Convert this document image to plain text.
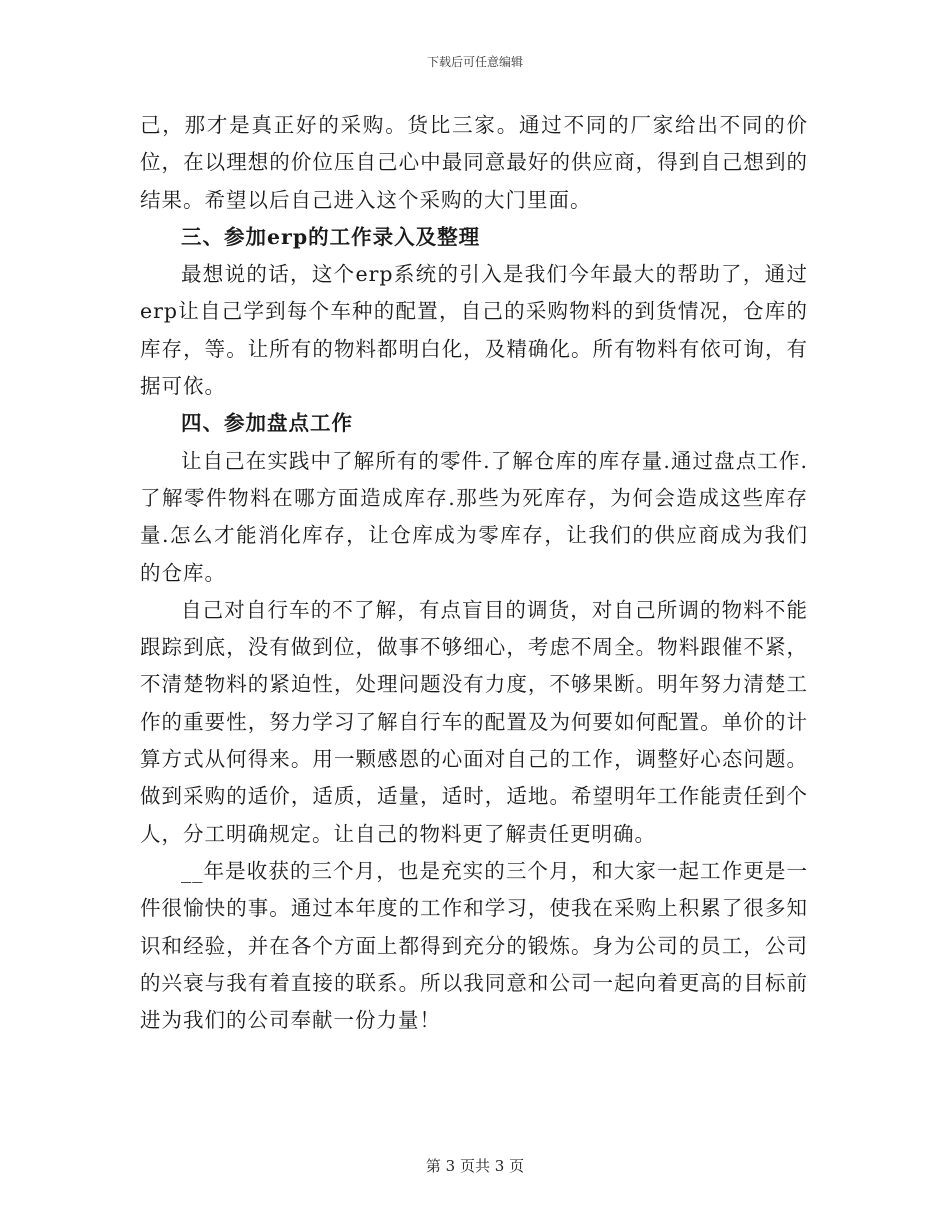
下载后可任意编辑

己，那才是真正好的采购。货比三家。通过不同的厂家给出不同的价位，在以理想的价位压自己心中最同意最好的供应商，得到自己想到的结果。希望以后自己进入这个采购的大门里面。

三、参加erp的工作录入及整理

最想说的话，这个erp系统的引入是我们今年最大的帮助了，通过erp让自己学到每个车种的配置，自己的采购物料的到货情况，仓库的库存，等。让所有的物料都明白化，及精确化。所有物料有依可询，有据可依。

四、参加盘点工作

让自己在实践中了解所有的零件.了解仓库的库存量.通过盘点工作.了解零件物料在哪方面造成库存.那些为死库存，为何会造成这些库存量.怎么才能消化库存，让仓库成为零库存，让我们的供应商成为我们的仓库。

自己对自行车的不了解，有点盲目的调货，对自己所调的物料不能跟踪到底，没有做到位，做事不够细心，考虑不周全。物料跟催不紧，不清楚物料的紧迫性，处理问题没有力度，不够果断。明年努力清楚工作的重要性，努力学习了解自行车的配置及为何要如何配置。单价的计算方式从何得来。用一颗感恩的心面对自己的工作，调整好心态问题。做到采购的适价，适质，适量，适时，适地。希望明年工作能责任到个人，分工明确规定。让自己的物料更了解责任更明确。

__年是收获的三个月，也是充实的三个月，和大家一起工作更是一件很愉快的事。通过本年度的工作和学习，使我在采购上积累了很多知识和经验，并在各个方面上都得到充分的锻炼。身为公司的员工，公司的兴衰与我有着直接的联系。所以我同意和公司一起向着更高的目标前进为我们的公司奉献一份力量！

第 3 页共 3 页
